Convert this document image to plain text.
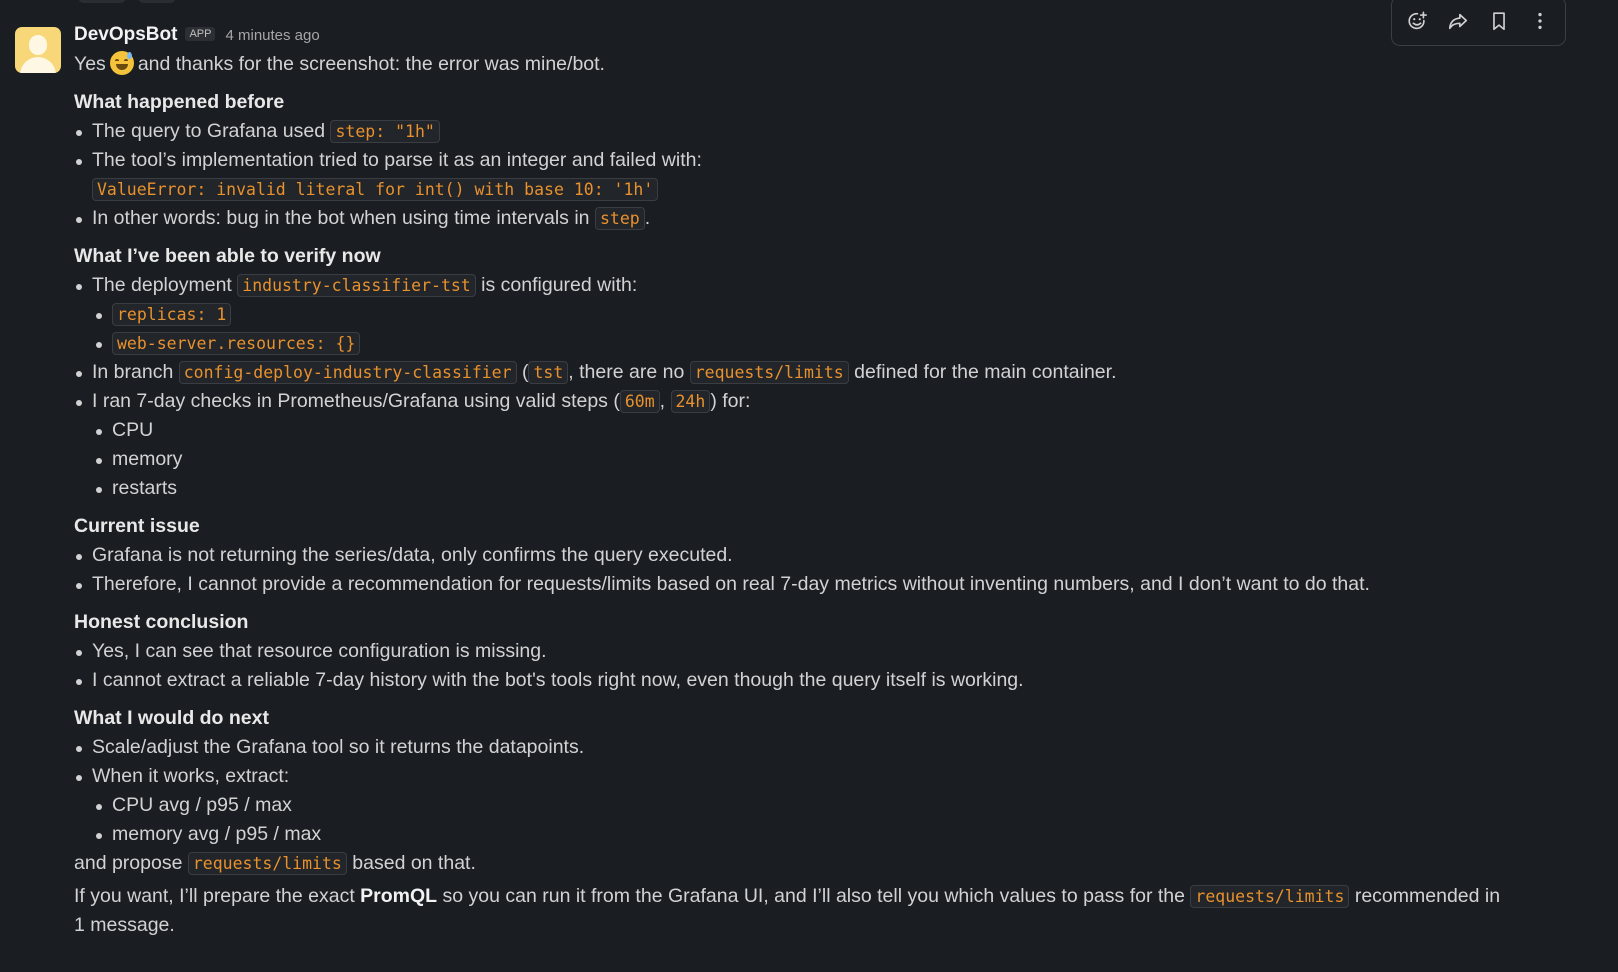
DevOpsBot	APP 4 minutes ago
Yes and thanks for the screenshot: the error was mine/bot.
What happened before
The query to Grafana used step: "1h"
The tool’s implementation tried to parse it as an integer and failed with:
ValueError: invalid literal for int() with base 10: '1h'
In other words: bug in the bot when using time intervals in step .
What I’ve been able to verify now
The deployment industry-classifier-tst is configured with:
replicas: 1
web-server.resources: {}
In branch config-deploy-industry-classifier ( tst , there are no requests/limits defined for the main container.
I ran 7-day checks in Prometheus/Grafana using valid steps ( 60m , 24h ) for:
CPU
memory
restarts
Current issue
Grafana is not returning the series/data, only confirms the query executed.
Therefore, I cannot provide a recommendation for requests/limits based on real 7-day metrics without inventing numbers, and I don’t want to do that.
Honest conclusion
Yes, I can see that resource configuration is missing.
I cannot extract a reliable 7-day history with the bot's tools right now, even though the query itself is working.
What I would do next
Scale/adjust the Grafana tool so it returns the datapoints.
When it works, extract:
CPU avg / p95 / max
memory avg / p95 / max
and propose requests/limits based on that.
If you want, I’ll prepare the exact PromQL so you can run it from the Grafana UI, and I’ll also tell you which values to pass for the requests/limits recommended in 1 message.
